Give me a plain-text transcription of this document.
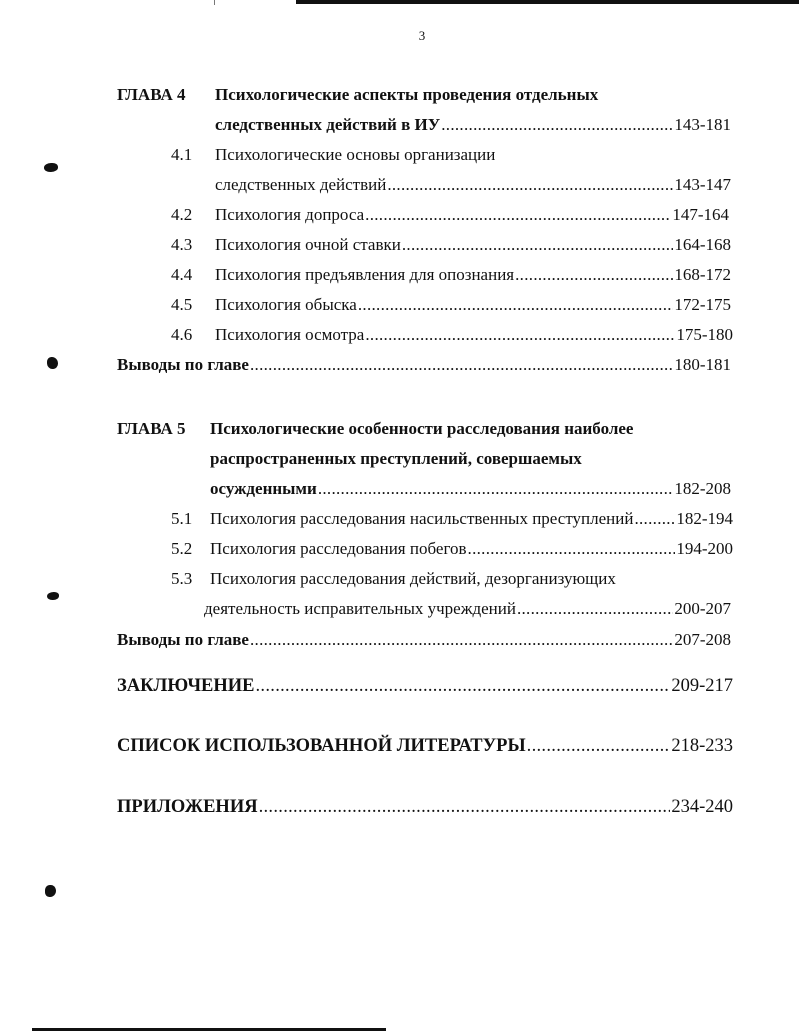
3
ГЛАВА 4 Психологические аспекты проведения отдельных
следственных действий в ИУ .....	143-181
4.1 Психологические основы организации
следственных действий .....	143-147
4.2 Психология допроса .....	147-164
4.3 Психология очной ставки .....	164-168
4.4 Психология предъявления для опознания .....	168-172
4.5 Психология обыска .....	172-175
4.6 Психология осмотра .....	175-180
Выводы по главе .....	180-181
ГЛАВА 5 Психологические особенности расследования наиболее
распространенных преступлений, совершаемых
осужденными .....	182-208
5.1 Психология расследования насильственных преступлений .....	182-194
5.2 Психология расследования побегов .....	194-200
5.3 Психология расследования действий, дезорганизующих
деятельность исправительных учреждений .....	200-207
Выводы по главе .....	207-208
ЗАКЛЮЧЕНИЕ .....	209-217
СПИСОК ИСПОЛЬЗОВАННОЙ ЛИТЕРАТУРЫ .....	218-233
ПРИЛОЖЕНИЯ .....	234-240
